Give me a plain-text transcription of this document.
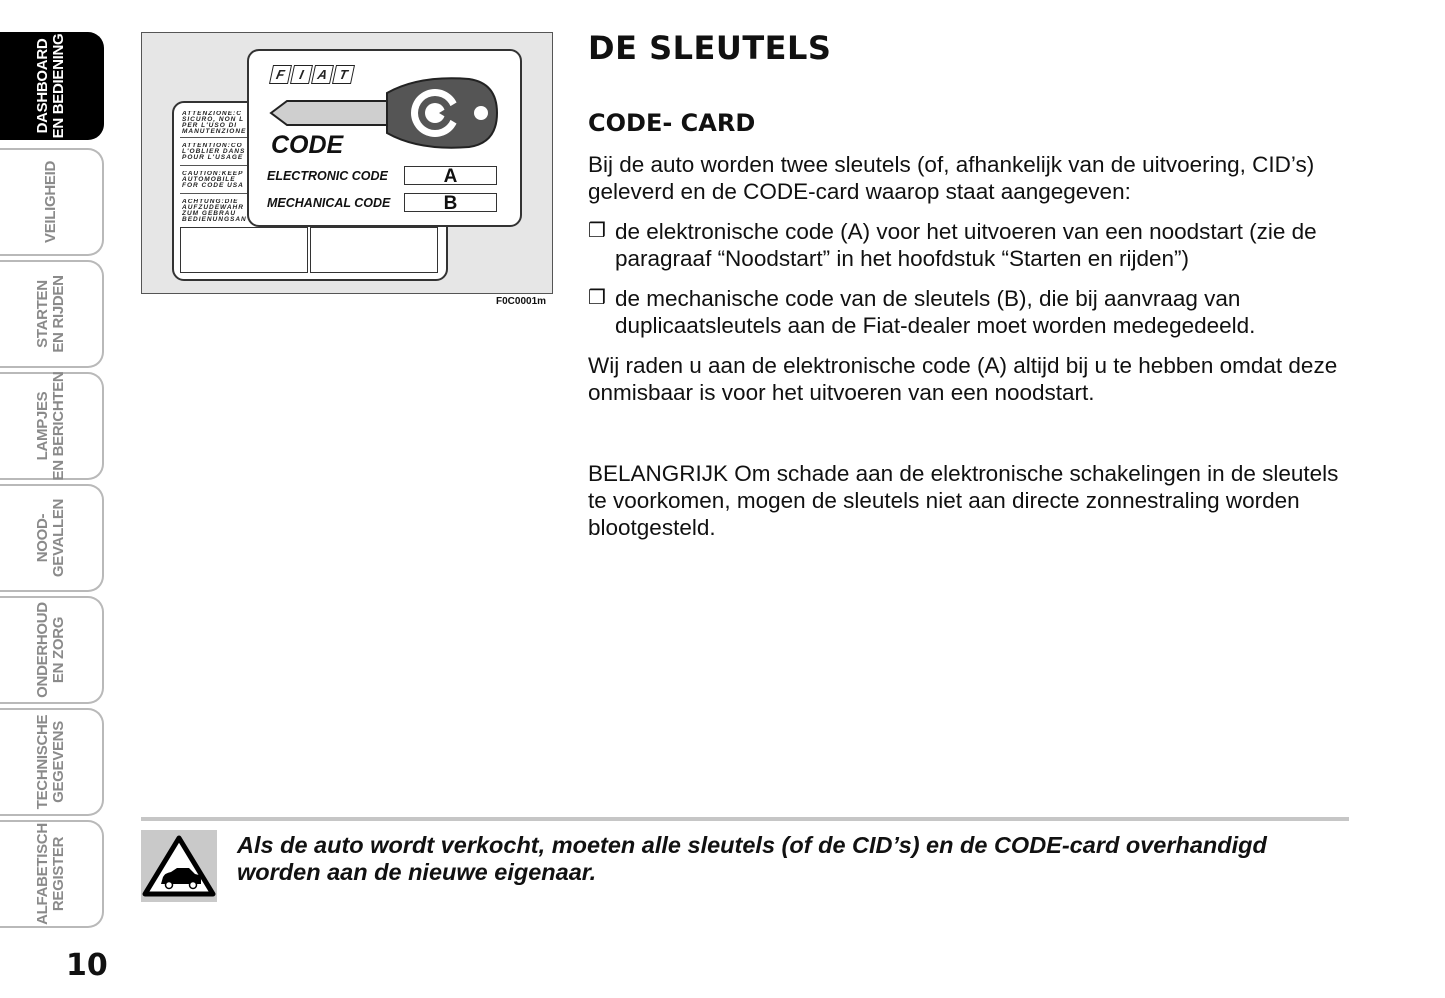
DASHBOARD
EN BEDIENING
VEILIGHEID
STARTEN
EN RIJDEN
LAMPJES
EN BERICHTEN
NOOD-
GEVALLEN
ONDERHOUD
EN ZORG
TECHNISCHE
GEGEVENS
ALFABETISCH
REGISTER
10
ATTENZIONE:C
SICURO, NON L
PER L'USO DI
MANUTENZIONE
ATTENTION:CO
L'OBLIER DANS
POUR L'USAGE
CAUTION:KEEP
AUTOMOBILE
FOR CODE USA
ACHTUNG:DIE
AUFZUDEWAHR
ZUM GEBRAU
BEDIENUNGSAN
F I A T
CODE
ELECTRONIC CODE	A
MECHANICAL CODE	B
F0C0001m
DE SLEUTELS
CODE- CARD
Bij de auto worden twee sleutels (of, afhankelijk van de uitvoering, CID’s) geleverd en de CODE-card waarop staat aangegeven:
❒ de elektronische code (A) voor het uitvoeren van een noodstart (zie de paragraaf “Noodstart” in het hoofdstuk “Starten en rijden”)
❒ de mechanische code van de sleutels (B), die bij aanvraag van duplicaatsleutels aan de Fiat-dealer moet worden medegedeeld.
Wij raden u aan de elektronische code (A) altijd bij u te hebben omdat deze onmisbaar is voor het uitvoeren van een noodstart.
BELANGRIJK Om schade aan de elektronische schakelingen in de sleutels te voorkomen, mogen de sleutels niet aan directe zonnestraling worden blootgesteld.
Als de auto wordt verkocht, moeten alle sleutels (of de CID’s) en de CODE-card overhandigd worden aan de nieuwe eigenaar.
